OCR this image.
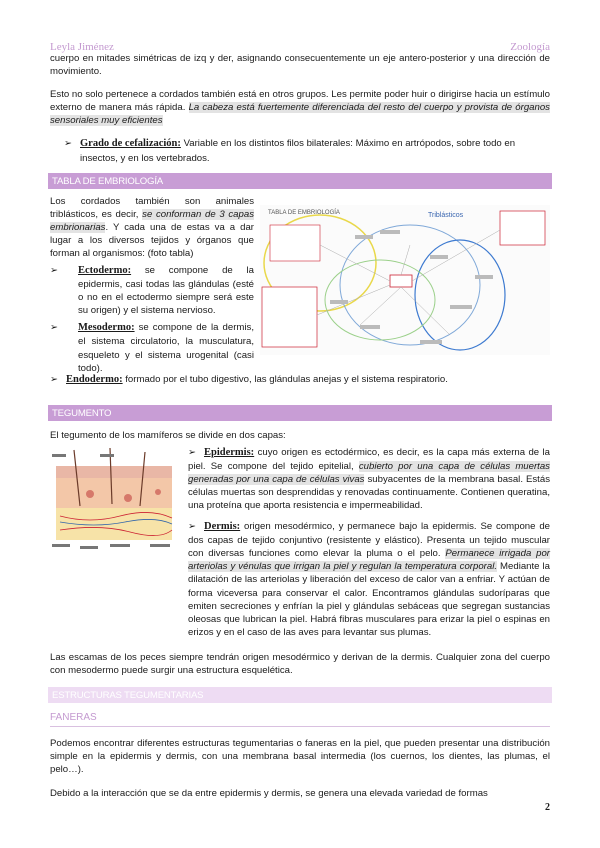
Leyla Jiménez	Zoología

cuerpo en mitades simétricas de izq y der, asignando consecuentemente un eje antero-posterior y una dirección de movimiento.

Esto no solo pertenece a cordados también está en otros grupos. Les permite poder huir o dirigirse hacia un estímulo externo de manera más rápida. La cabeza está fuertemente diferenciada del resto del cuerpo y provista de órganos sensoriales muy eficientes

➢ Grado de cefalización: Variable en los distintos filos bilaterales: Máximo en artrópodos, sobre todo en insectos, y en los vertebrados.
TABLA DE EMBRIOLOGÍA

Los cordados también son animales triblásticos, es decir, se conforman de 3 capas embrionarias. Y cada una de estas va a dar lugar a los diversos tejidos y órganos que forman al organismos: (foto tabla)

➢ Ectodermo: se compone de la epidermis, casi todas las glándulas (esté o no en el ectodermo siempre será este su origen) y el sistema nervioso.

➢ Mesodermo: se compone de la dermis, el sistema circulatorio, la musculatura, esqueleto y el sistema urogenital (casi todo).

TABLA DE EMBRIOLOGÍA	Triblásticos
➢ Endodermo: formado por el tubo digestivo, las glándulas anejas y el sistema respiratorio.
TEGUMENTO

El tegumento de los mamíferos se divide en dos capas:

➢ Epidermis: cuyo origen es ectodérmico, es decir, es la capa más externa de la piel. Se compone del tejido epitelial, cubierto por una capa de células muertas generadas por una capa de células vivas subyacentes de la membrana basal. Estás células muertas son desprendidas y renovadas continuamente. Contienen queratina, una proteína que aporta resistencia e impermeabilidad.

➢ Dermis: origen mesodérmico, y permanece bajo la epidermis. Se compone de dos capas de tejido conjuntivo (resistente y elástico). Presenta un tejido muscular con diversas funciones como elevar la pluma o el pelo. Permanece irrigada por arteriolas y vénulas que irrigan la piel y regulan la temperatura corporal. Mediante la dilatación de las arteriolas y liberación del exceso de calor van a enfriar. Y actúan de forma viceversa para conservar el calor. Encontramos glándulas sudoríparas que emiten secreciones y enfrían la piel y glándulas sebáceas que segregan sustancias oleosas que lubrican la piel. Habrá fibras musculares para erizar la piel o espinas en erizos y en el caso de las aves para levantar sus plumas.

Las escamas de los peces siempre tendrán origen mesodérmico y derivan de la dermis. Cualquier zona del cuerpo con mesodermo puede surgir una estructura esquelética.

ESTRUCTURAS TEGUMENTARIAS
FANERAS

Podemos encontrar diferentes estructuras tegumentarias o faneras en la piel, que pueden presentar una distribución simple en la epidermis y dermis, con una membrana basal intermedia (los cuernos, los dientes, las plumas, el pelo…).

Debido a la interacción que se da entre epidermis y dermis, se genera una elevada variedad de formas

2
